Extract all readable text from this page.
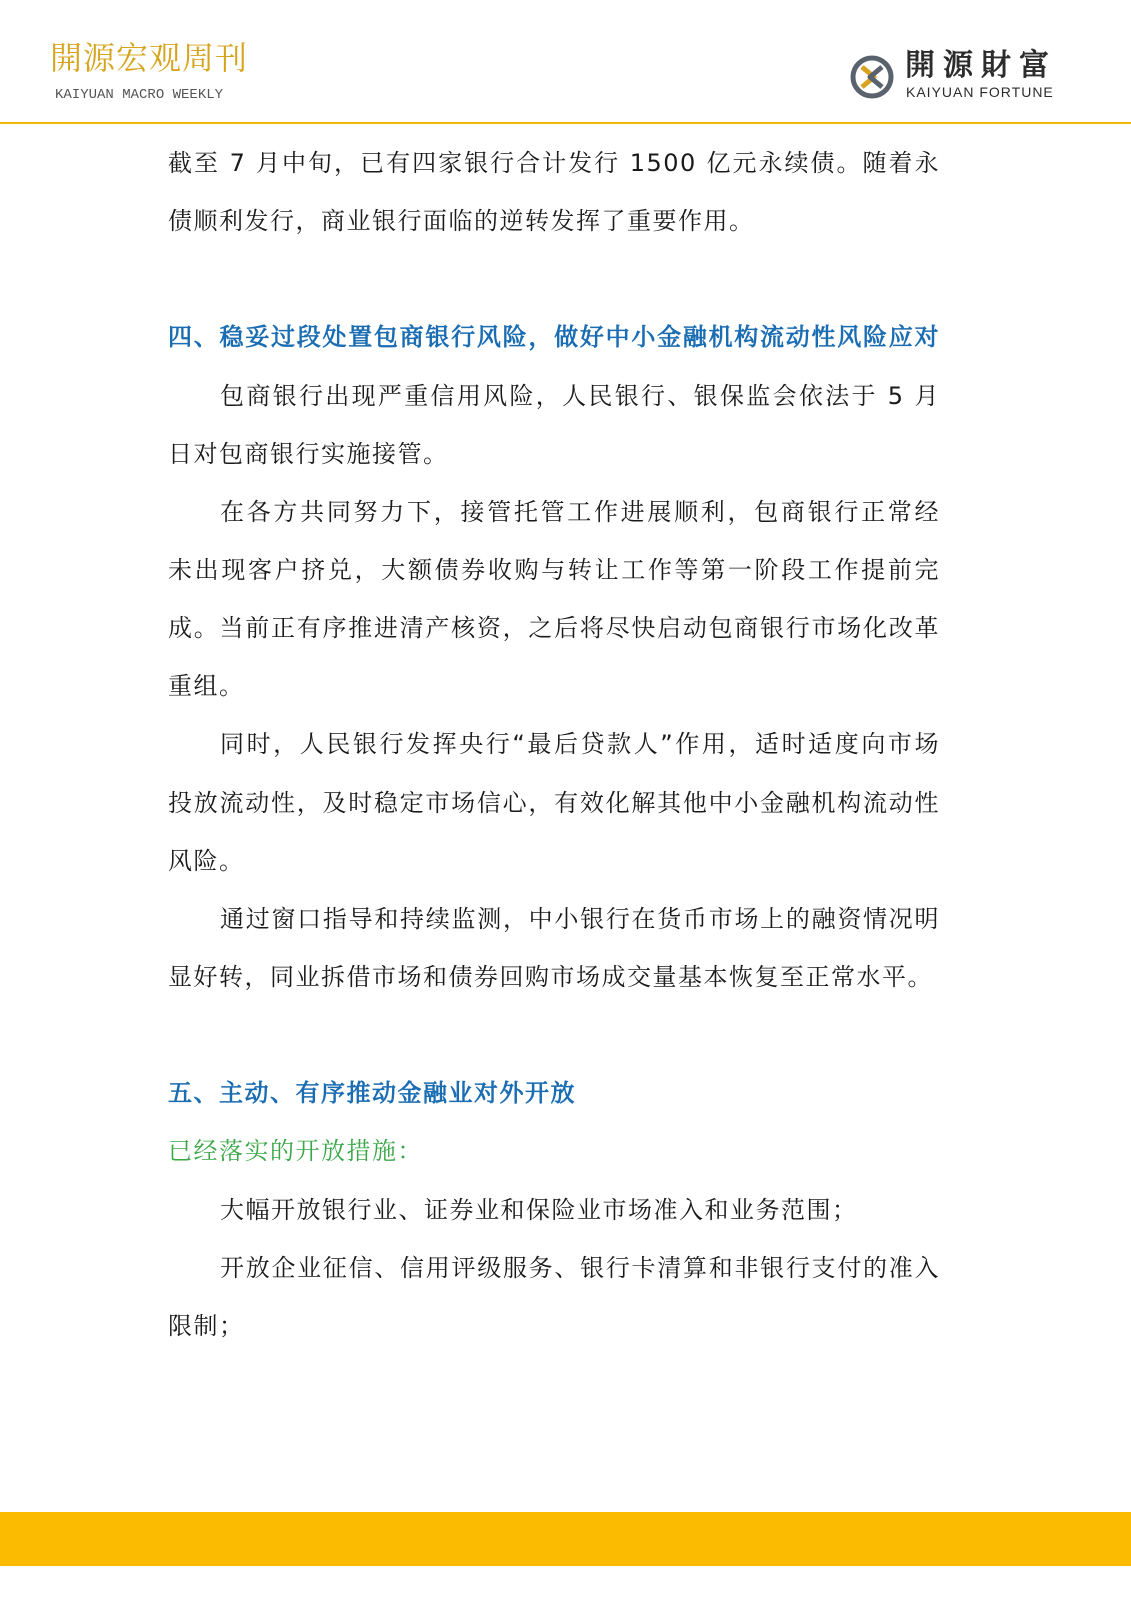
開源宏观周刊
KAIYUAN MACRO WEEKLY
開源財富
KAIYUAN FORTUNE
截至 7 月中旬，已有四家银行合计发行 1500 亿元永续债。随着永
债顺利发行，商业银行面临的逆转发挥了重要作用。
四、稳妥过段处置包商银行风险，做好中小金融机构流动性风险应对
包商银行出现严重信用风险，人民银行、银保监会依法于 5 月
日对包商银行实施接管。
在各方共同努力下，接管托管工作进展顺利，包商银行正常经
未出现客户挤兑，大额债券收购与转让工作等第一阶段工作提前完
成。当前正有序推进清产核资，之后将尽快启动包商银行市场化改革
重组。
同时，人民银行发挥央行“最后贷款人”作用，适时适度向市场
投放流动性，及时稳定市场信心，有效化解其他中小金融机构流动性
风险。
通过窗口指导和持续监测，中小银行在货币市场上的融资情况明
显好转，同业拆借市场和债券回购市场成交量基本恢复至正常水平。
五、主动、有序推动金融业对外开放
已经落实的开放措施：
大幅开放银行业、证券业和保险业市场准入和业务范围；
开放企业征信、信用评级服务、银行卡清算和非银行支付的准入
限制；
